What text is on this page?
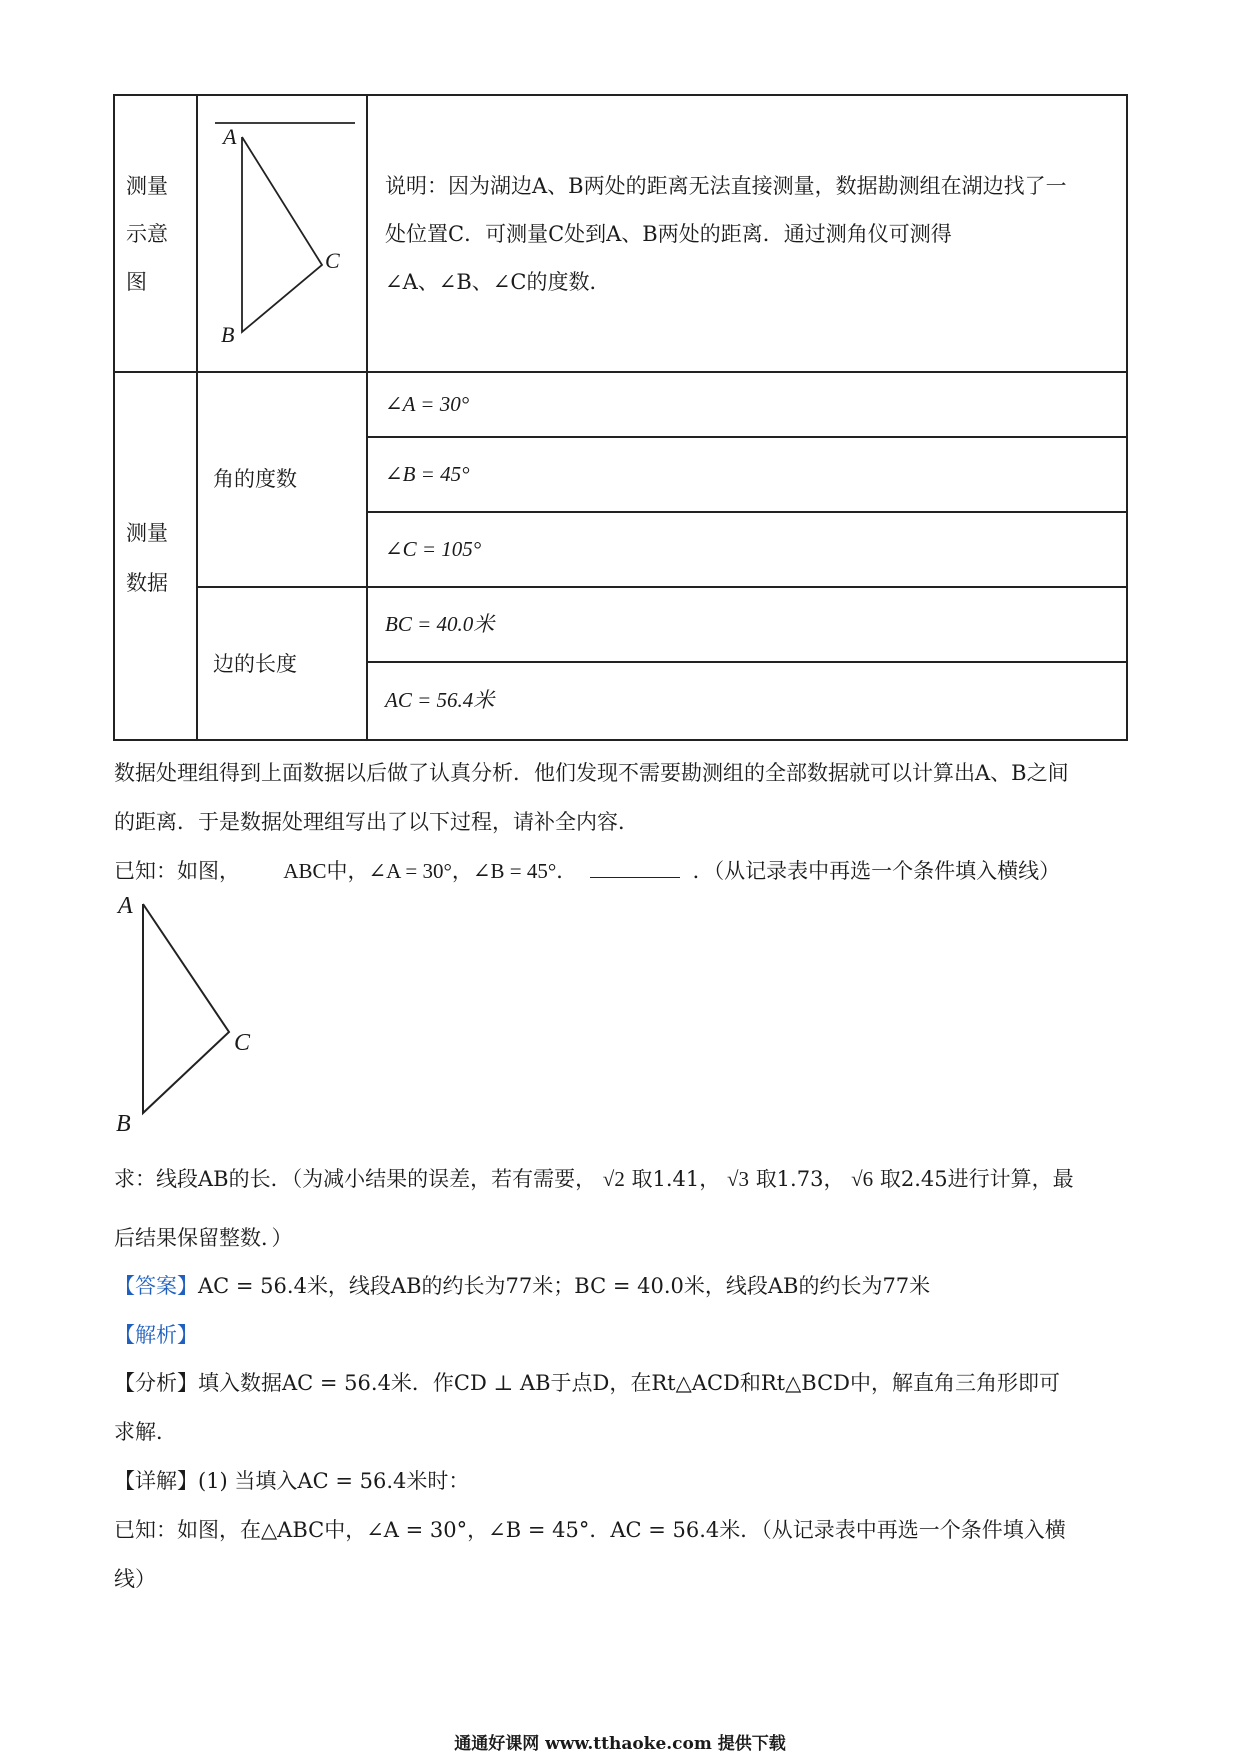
测量
示意
图
A
C
B
说明：因为湖边A、B两处的距离无法直接测量，数据勘测组在湖边找了一
处位置C．可测量C处到A、B两处的距离．通过测角仪可测得
∠A、∠B、∠C的度数．
测量
数据
角的度数
边的长度
∠A = 30°
∠B = 45°
∠C = 105°
BC = 40.0米
AC = 56.4米
数据处理组得到上面数据以后做了认真分析．他们发现不需要勘测组的全部数据就可以计算出A、B之间
的距离．于是数据处理组写出了以下过程，请补全内容．
已知：如图， ABC中，∠A = 30°，∠B = 45°．	．（从记录表中再选一个条件填入横线）
A
C
B
求：线段AB的长．（为减小结果的误差，若有需要， √2 取1.41， √3 取1.73， √6 取2.45进行计算，最
后结果保留整数．）
【答案】AC = 56.4米，线段AB的约长为77米；BC = 40.0米，线段AB的约长为77米
【解析】
【分析】填入数据AC = 56.4米．作CD ⊥ AB于点D，在Rt△ACD和Rt△BCD中，解直角三角形即可
求解．
【详解】(1) 当填入AC = 56.4米时：
已知：如图，在△ABC中，∠A = 30°，∠B = 45°．AC = 56.4米．（从记录表中再选一个条件填入横
线）
通通好课网 www.tthaoke.com 提供下载
